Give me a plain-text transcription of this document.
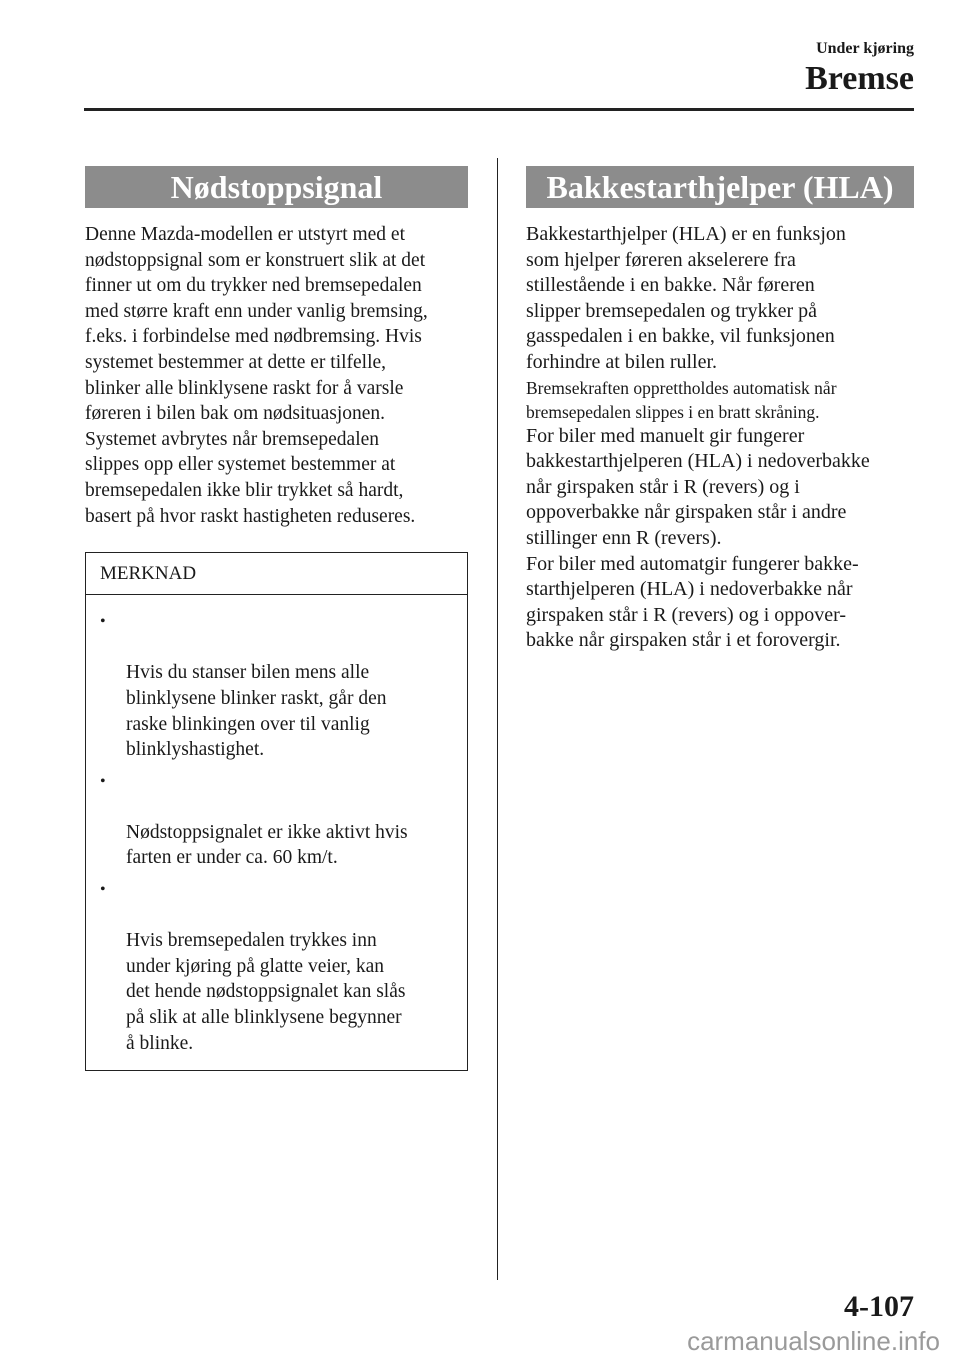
Under kjøring
Bremse
Nødstoppsignal

Denne Mazda-modellen er utstyrt med et
nødstoppsignal som er konstruert slik at det
finner ut om du trykker ned bremsepedalen
med større kraft enn under vanlig bremsing,
f.eks. i forbindelse med nødbremsing. Hvis
systemet bestemmer at dette er tilfelle,
blinker alle blinklysene raskt for å varsle
føreren i bilen bak om nødsituasjonen.
Systemet avbrytes når bremsepedalen
slippes opp eller systemet bestemmer at
bremsepedalen ikke blir trykket så hardt,
basert på hvor raskt hastigheten reduseres.

MERKNAD

•

Hvis du stanser bilen mens alle
blinklysene blinker raskt, går den
raske blinkingen over til vanlig
blinklyshastighet.

•

Nødstoppsignalet er ikke aktivt hvis
farten er under ca. 60 km/t.

•

Hvis bremsepedalen trykkes inn
under kjøring på glatte veier, kan
det hende nødstoppsignalet kan slås
på slik at alle blinklysene begynner
å blinke.

Bakkestarthjelper (HLA)

Bakkestarthjelper (HLA) er en funksjon
som hjelper føreren akselerere fra
stillestående i en bakke. Når føreren
slipper bremsepedalen og trykker på
gasspedalen i en bakke, vil funksjonen
forhindre at bilen ruller.

Bremsekraften opprettholdes automatisk når
bremsepedalen slippes i en bratt skråning.

For biler med manuelt gir fungerer
bakkestarthjelperen (HLA) i nedoverbakke
når girspaken står i R (revers) og i
oppoverbakke når girspaken står i andre
stillinger enn R (revers).
For biler med automatgir fungerer bakke-
starthjelperen (HLA) i nedoverbakke når
girspaken står i R (revers) og i oppover-
bakke når girspaken står i et forovergir.

4-107
carmanualsonline.info
